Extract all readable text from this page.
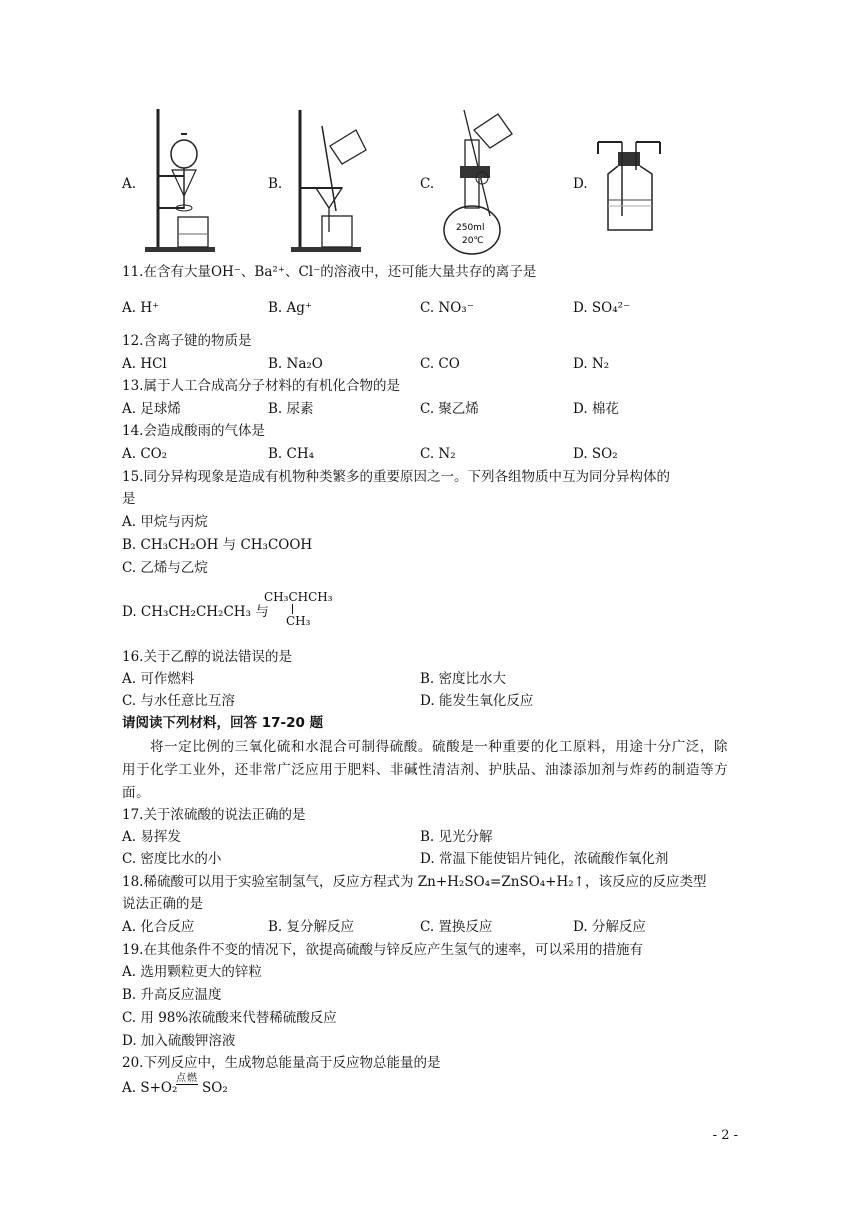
A.	B.	C.
250ml
20℃
D.
11.在含有大量OH⁻、Ba²⁺、Cl⁻的溶液中，还可能大量共存的离子是
A. H⁺	B. Ag⁺	C. NO₃⁻	D. SO₄²⁻
12.含离子键的物质是
A. HCl	B. Na₂O	C. CO	D. N₂
13.属于人工合成高分子材料的有机化合物的是
A. 足球烯	B. 尿素	C. 聚乙烯	D. 棉花
14.会造成酸雨的气体是
A. CO₂	B. CH₄	C. N₂	D. SO₂
15.同分异构现象是造成有机物种类繁多的重要原因之一。下列各组物质中互为同分异构体的
是
A. 甲烷与丙烷
B. CH₃CH₂OH 与 CH₃COOH
C. 乙烯与乙烷
D. CH₃CH₂CH₂CH₃ 与
CH₃CHCH₃
CH₃
16.关于乙醇的说法错误的是
A. 可作燃料	B. 密度比水大
C. 与水任意比互溶	D. 能发生氧化反应
请阅读下列材料，回答 17-20 题
将一定比例的三氧化硫和水混合可制得硫酸。硫酸是一种重要的化工原料，用途十分广泛，除用于化学工业外，还非常广泛应用于肥料、非碱性清洁剂、护肤品、油漆添加剂与炸药的制造等方面。
17.关于浓硫酸的说法正确的是
A. 易挥发	B. 见光分解
C. 密度比水的小	D. 常温下能使铝片钝化，浓硫酸作氧化剂
18.稀硫酸可以用于实验室制氢气，反应方程式为 Zn+H₂SO₄=ZnSO₄+H₂↑，该反应的反应类型
说法正确的是
A. 化合反应	B. 复分解反应	C. 置换反应	D. 分解反应
19.在其他条件不变的情况下，欲提高硫酸与锌反应产生氢气的速率，可以采用的措施有
A. 选用颗粒更大的锌粒
B. 升高反应温度
C. 用 98%浓硫酸来代替稀硫酸反应
D. 加入硫酸钾溶液
20.下列反应中，生成物总能量高于反应物总能量的是
A. S+O₂
点燃
SO₂
- 2 -
